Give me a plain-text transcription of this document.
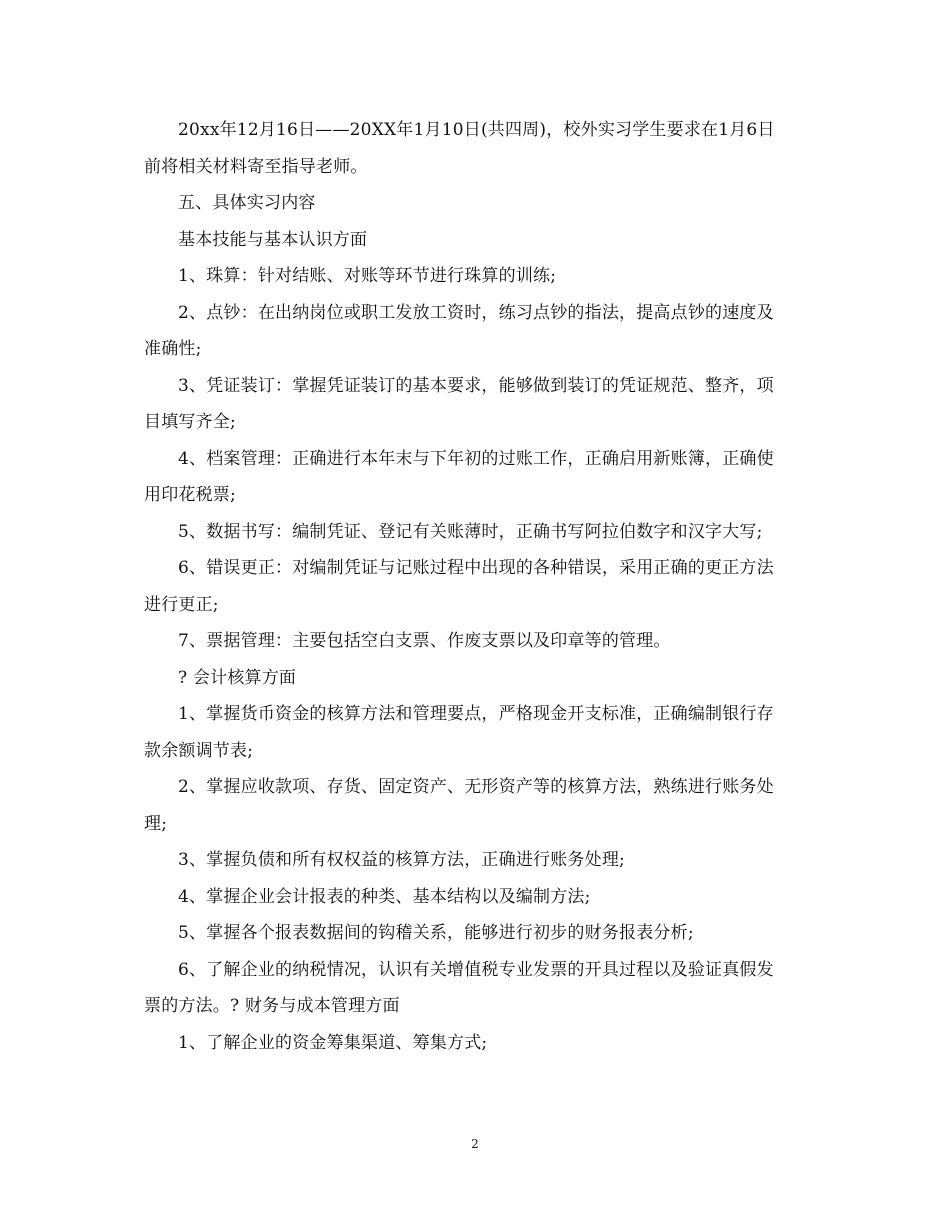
20xx年12月16日——20XX年1月10日(共四周)，校外实习学生要求在1月6日前将相关材料寄至指导老师。

五、具体实习内容

基本技能与基本认识方面

1、珠算：针对结账、对账等环节进行珠算的训练;

2、点钞：在出纳岗位或职工发放工资时，练习点钞的指法，提高点钞的速度及准确性;

3、凭证装订：掌握凭证装订的基本要求，能够做到装订的凭证规范、整齐，项目填写齐全;

4、档案管理：正确进行本年末与下年初的过账工作，正确启用新账簿，正确使用印花税票;

5、数据书写：编制凭证、登记有关账薄时，正确书写阿拉伯数字和汉字大写;

6、错误更正：对编制凭证与记账过程中出现的各种错误，采用正确的更正方法进行更正;

7、票据管理：主要包括空白支票、作废支票以及印章等的管理。

? 会计核算方面

1、掌握货币资金的核算方法和管理要点，严格现金开支标准，正确编制银行存款余额调节表;

2、掌握应收款项、存货、固定资产、无形资产等的核算方法，熟练进行账务处理;

3、掌握负债和所有权权益的核算方法，正确进行账务处理;

4、掌握企业会计报表的种类、基本结构以及编制方法;

5、掌握各个报表数据间的钩稽关系，能够进行初步的财务报表分析;

6、了解企业的纳税情况，认识有关增值税专业发票的开具过程以及验证真假发票的方法。? 财务与成本管理方面

1、了解企业的资金筹集渠道、筹集方式;

2
